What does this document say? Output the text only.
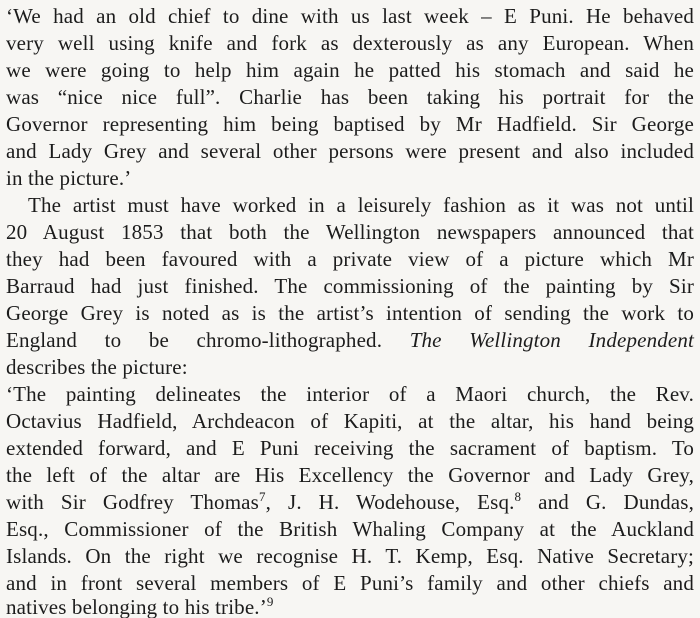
‘We had an old chief to dine with us last week – E Puni. He behaved
very well using knife and fork as dexterously as any European. When
we were going to help him again he patted his stomach and said he
was “nice nice full”. Charlie has been taking his portrait for the
Governor representing him being baptised by Mr Hadfield. Sir George
and Lady Grey and several other persons were present and also included
in the picture.’
The artist must have worked in a leisurely fashion as it was not until
20 August 1853 that both the Wellington newspapers announced that
they had been favoured with a private view of a picture which Mr
Barraud had just finished. The commissioning of the painting by Sir
George Grey is noted as is the artist’s intention of sending the work to
England to be chromo-lithographed. The Wellington Independent
describes the picture:
‘The painting delineates the interior of a Maori church, the Rev.
Octavius Hadfield, Archdeacon of Kapiti, at the altar, his hand being
extended forward, and E Puni receiving the sacrament of baptism. To
the left of the altar are His Excellency the Governor and Lady Grey,
with Sir Godfrey Thomas$^7$, J. H. Wodehouse, Esq.$^8$ and G. Dundas,
Esq., Commissioner of the British Whaling Company at the Auckland
Islands. On the right we recognise H. T. Kemp, Esq. Native Secretary;
and in front several members of E Puni’s family and other chiefs and
natives belonging to his tribe.’$^9$
